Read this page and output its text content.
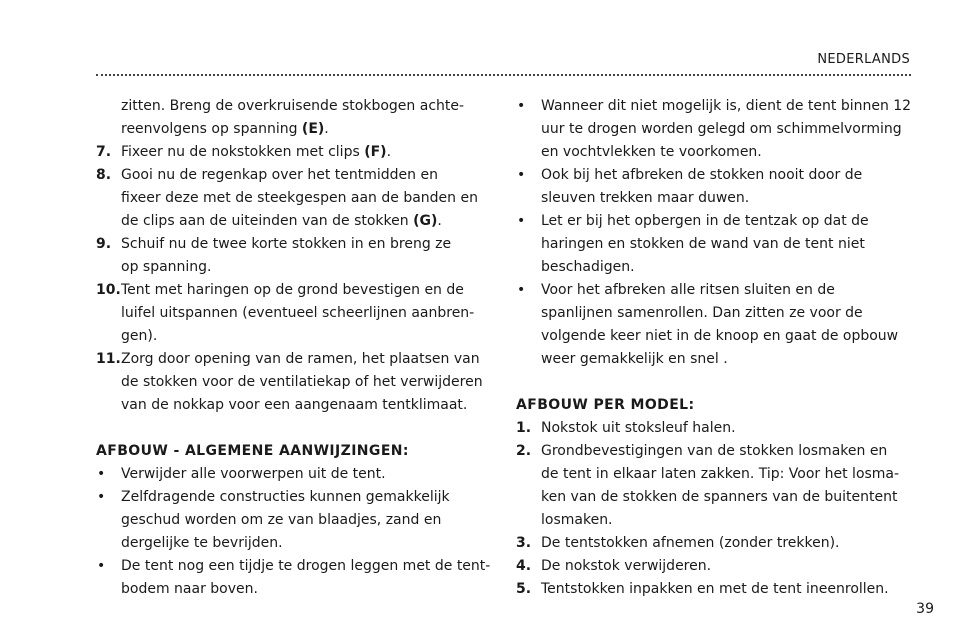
NEDERLANDS
zitten. Breng de overkruisende stokbogen achte-
reenvolgens op spanning (E).
7. Fixeer nu de nokstokken met clips (F).
8. Gooi nu de regenkap over het tentmidden en
fixeer deze met de steekgespen aan de banden en
de clips aan de uiteinden van de stokken (G).
9. Schuif nu de twee korte stokken in en breng ze
op spanning.
10. Tent met haringen op de grond bevestigen en de
luifel uitspannen (eventueel scheerlijnen aanbren-
gen).
11. Zorg door opening van de ramen, het plaatsen van
de stokken voor de ventilatiekap of het verwijderen
van de nokkap voor een aangenaam tentklimaat.
AFBOUW - ALGEMENE AANWIJZINGEN:
•	Verwijder alle voorwerpen uit de tent.
•	Zelfdragende constructies kunnen gemakkelijk
geschud worden om ze van blaadjes, zand en
dergelijke te bevrijden.
•	De tent nog een tijdje te drogen leggen met de tent-
bodem naar boven.
•	Wanneer dit niet mogelijk is, dient de tent binnen 12
uur te drogen worden gelegd om schimmelvorming
en vochtvlekken te voorkomen.
•	Ook bij het afbreken de stokken nooit door de
sleuven trekken maar duwen.
•	Let er bij het opbergen in de tentzak op dat de
haringen en stokken de wand van de tent niet
beschadigen.
•	Voor het afbreken alle ritsen sluiten en de
spanlijnen samenrollen. Dan zitten ze voor de
volgende keer niet in de knoop en gaat de opbouw
weer gemakkelijk en snel .
AFBOUW PER MODEL:
1. Nokstok uit stoksleuf halen.
2. Grondbevestigingen van de stokken losmaken en
de tent in elkaar laten zakken. Tip: Voor het losma-
ken van de stokken de spanners van de buitentent
losmaken.
3. De tentstokken afnemen (zonder trekken).
4. De nokstok verwijderen.
5. Tentstokken inpakken en met de tent ineenrollen.
39
